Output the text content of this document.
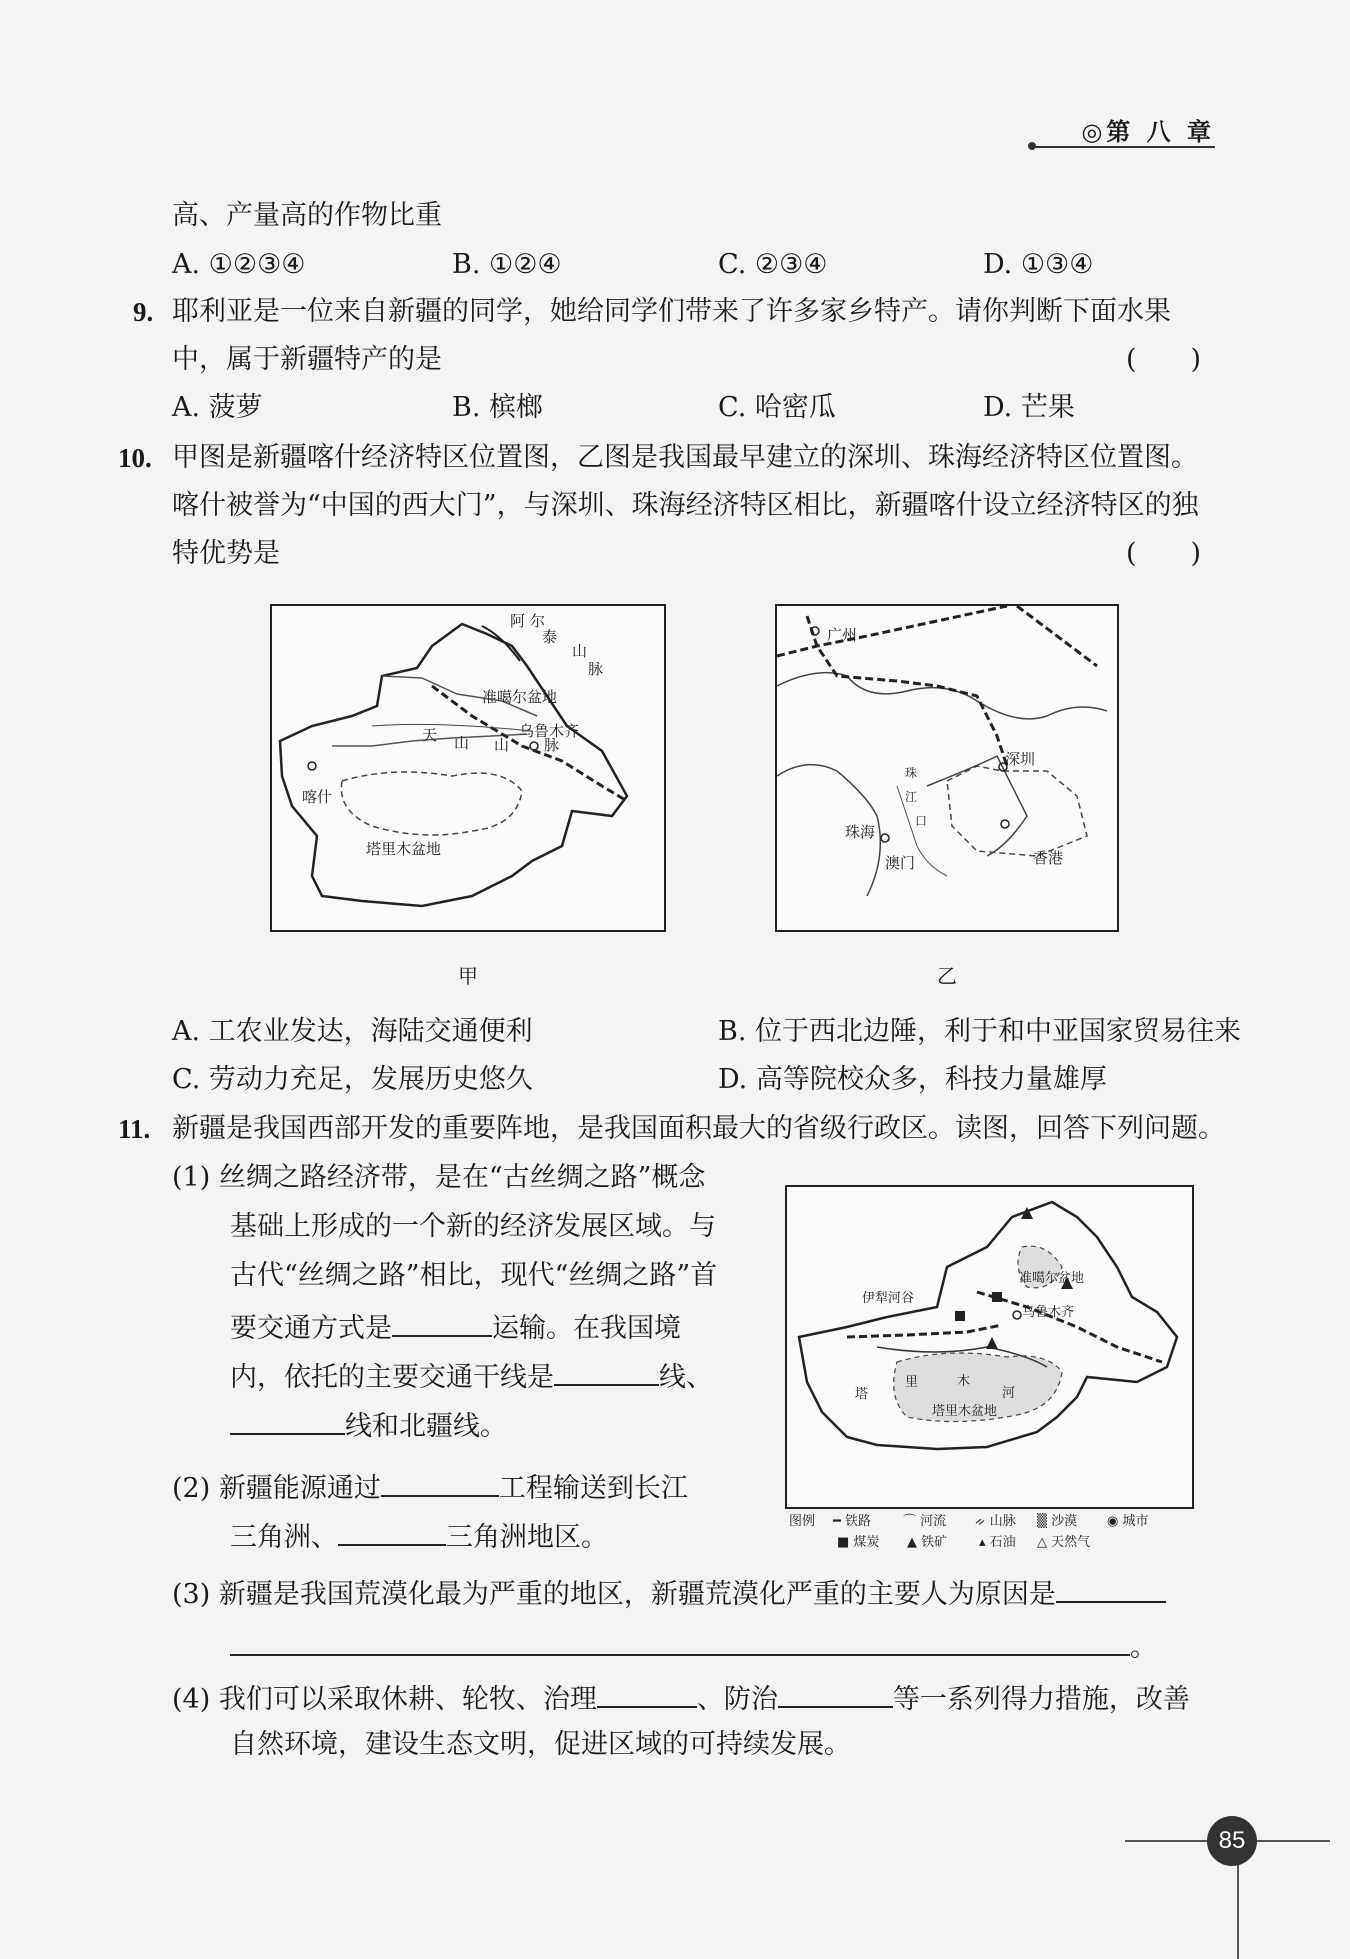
◎第 八 章
高、产量高的作物比重
A. ①②③④	B. ①②④	C. ②③④	D. ①③④
9. 耶利亚是一位来自新疆的同学，她给同学们带来了许多家乡特产。请你判断下面水果
中，属于新疆特产的是	(　　)
A. 菠萝	B. 槟榔	C. 哈密瓜	D. 芒果
10. 甲图是新疆喀什经济特区位置图，乙图是我国最早建立的深圳、珠海经济特区位置图。
喀什被誉为“中国的西大门”，与深圳、珠海经济特区相比，新疆喀什设立经济特区的独
特优势是	(　　)
阿 尔
泰
山
脉
准噶尔盆地
乌鲁木齐
天 山 山 脉
喀什
塔里木盆地
甲
广州
深圳
珠
江
口
珠海
澳门	香港
乙
A. 工农业发达，海陆交通便利	B. 位于西北边陲，利于和中亚国家贸易往来
C. 劳动力充足，发展历史悠久	D. 高等院校众多，科技力量雄厚
11. 新疆是我国西部开发的重要阵地，是我国面积最大的省级行政区。读图，回答下列问题。
(1) 丝绸之路经济带，是在“古丝绸之路”概念
基础上形成的一个新的经济发展区域。与
古代“丝绸之路”相比，现代“丝绸之路”首
要交通方式是	运输。在我国境
内，依托的主要交通干线是	线、
线和北疆线。
(2) 新疆能源通过	工程输送到长江
三角洲、	三角洲地区。
准噶尔盆地
乌鲁木齐
伊犁河谷
塔
里	木
河
塔里木盆地
图例 ━ 铁路 ⌒ 河流 ᨀ 山脉 ▒ 沙漠 ◉ 城市
■ 煤炭 ▲ 铁矿 ▴ 石油 △ 天然气
(3) 新疆是我国荒漠化最为严重的地区，新疆荒漠化严重的主要人为原因是
。
(4) 我们可以采取休耕、轮牧、治理	、防治	等一系列得力措施，改善
自然环境，建设生态文明，促进区域的可持续发展。
85
